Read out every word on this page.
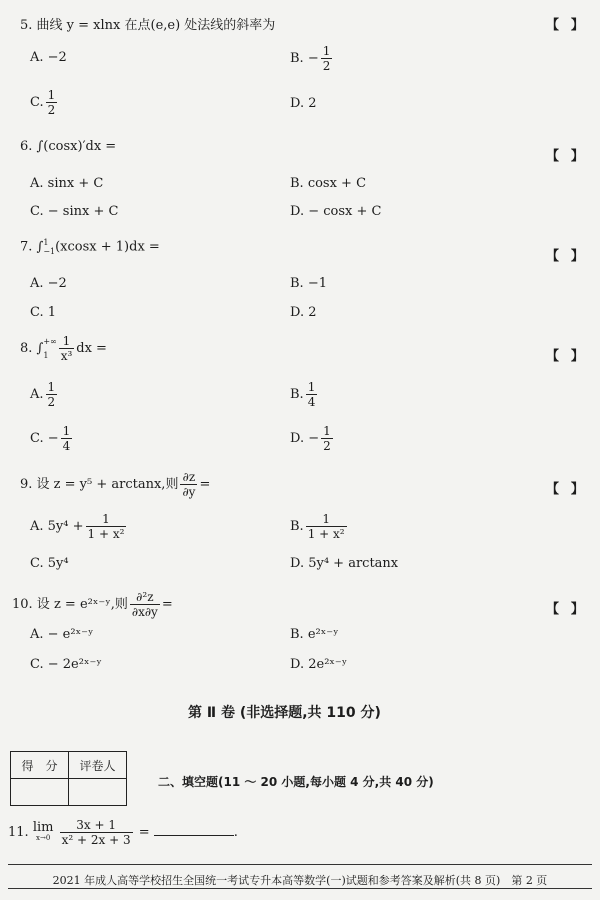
5. 曲线 y = xlnx 在点(e,e) 处法线的斜率为	【 】
A. −2	B. − $\frac{1}{2}$
C. $\frac{1}{2}$	D. 2
6. ∫(cosx)′dx =
【 】
A. sinx + C	B. cosx + C
C. − sinx + C	D. − cosx + C
7. ∫ 1
−1 (xcosx + 1)dx =
【 】
A. −2	B. −1
C. 1	D. 2
8. ∫ +∞
$1 \frac{1}{\text{x³}}$ dx =
【 】
A. $\frac{1}{2}$	B. $\frac{1}{4}$
C. − $\frac{1}{4}$	D. − $\frac{1}{2}$
9. 设 z = y⁵ + arctanx,则 $\frac{\partial z}{\partial y}$ =	【 】
A. $5y^4 + \frac{1}{\text{1 + x²}}$	B. $\frac{1}{\text{1 + x²}}$
C. 5y⁴	D. 5y⁴ + arctanx
10. 设 z = e²ˣ⁻ʸ,则 $\frac{\text{∂²z}}{\partial x\partial y}$ =	【 】
A. − e²ˣ⁻ʸ	B. e²ˣ⁻ʸ
C. − 2e²ˣ⁻ʸ	D. 2e²ˣ⁻ʸ
第 Ⅱ 卷 (非选择题,共 110 分)
得　分	评卷人

二、填空题(11 ～ 20 小题,每小题 4 分,共 40 分)
11. lim
x→0
$\frac{3x + 1}{\text{x² + 2x + 3}}$ =	.
2021 年成人高等学校招生全国统一考试专升本高等数学(一)试题和参考答案及解析(共 8 页)　第 2 页
